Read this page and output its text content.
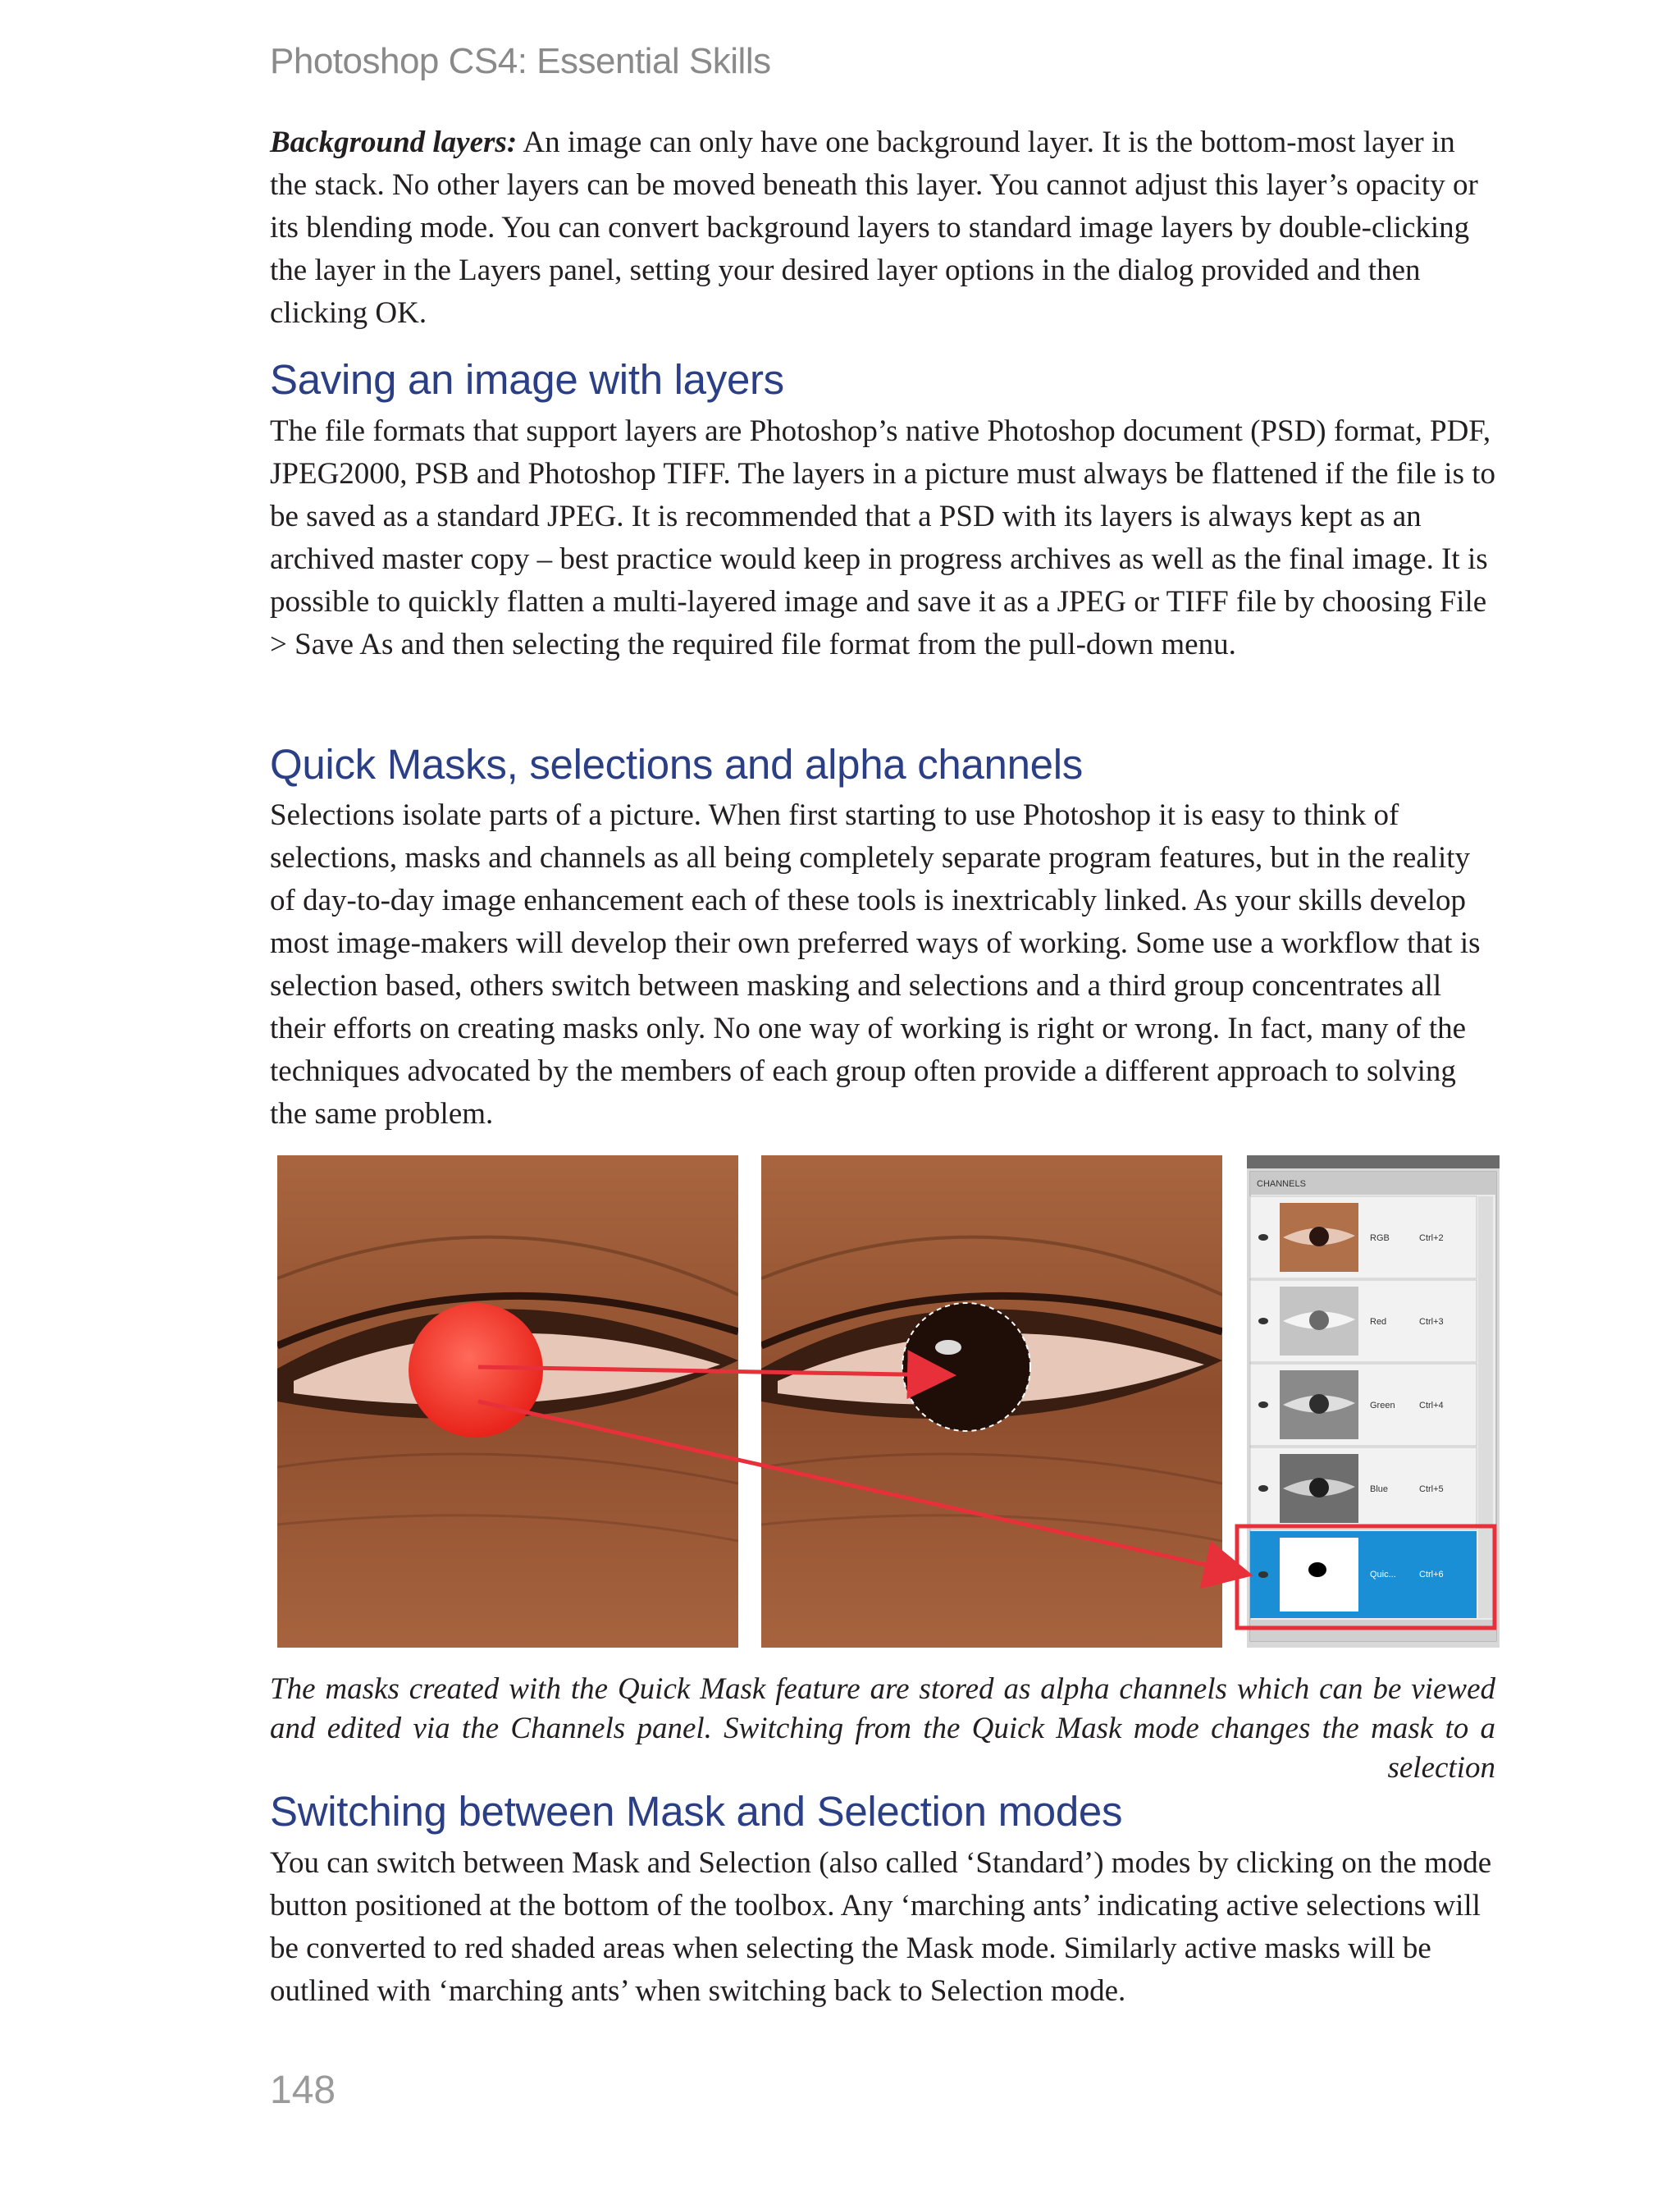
Photoshop CS4: Essential Skills

Background layers: An image can only have one background layer. It is the bottom-most layer in the stack. No other layers can be moved beneath this layer. You cannot adjust this layer’s opacity or its blending mode. You can convert background layers to standard image layers by double-clicking the layer in the Layers panel, setting your desired layer options in the dialog provided and then clicking OK.

Saving an image with layers

The file formats that support layers are Photoshop’s native Photoshop document (PSD) format, PDF, JPEG2000, PSB and Photoshop TIFF. The layers in a picture must always be flattened if the file is to be saved as a standard JPEG. It is recommended that a PSD with its layers is always kept as an archived master copy – best practice would keep in progress archives as well as the final image. It is possible to quickly flatten a multi-layered image and save it as a JPEG or TIFF file by choosing File > Save As and then selecting the required file format from the pull-down menu.

Quick Masks, selections and alpha channels

Selections isolate parts of a picture. When first starting to use Photoshop it is easy to think of selections, masks and channels as all being completely separate program features, but in the reality of day-to-day image enhancement each of these tools is inextricably linked. As your skills develop most image-makers will develop their own preferred ways of working. Some use a workflow that is selection based, others switch between masking and selections and a third group concentrates all their efforts on creating masks only. No one way of working is right or wrong. In fact, many of the techniques advocated by the members of each group often provide a different approach to solving the same problem.

CHANNELS
RGB	Ctrl+2
Red	Ctrl+3
Green	Ctrl+4
Blue	Ctrl+5
Quic...	Ctrl+6
The masks created with the Quick Mask feature are stored as alpha channels which can be viewed and edited via the Channels panel. Switching from the Quick Mask mode changes the mask to a selection
Switching between Mask and Selection modes

You can switch between Mask and Selection (also called ‘Standard’) modes by clicking on the mode button positioned at the bottom of the toolbox. Any ‘marching ants’ indicating active selections will be converted to red shaded areas when selecting the Mask mode. Similarly active masks will be outlined with ‘marching ants’ when switching back to Selection mode.

148
